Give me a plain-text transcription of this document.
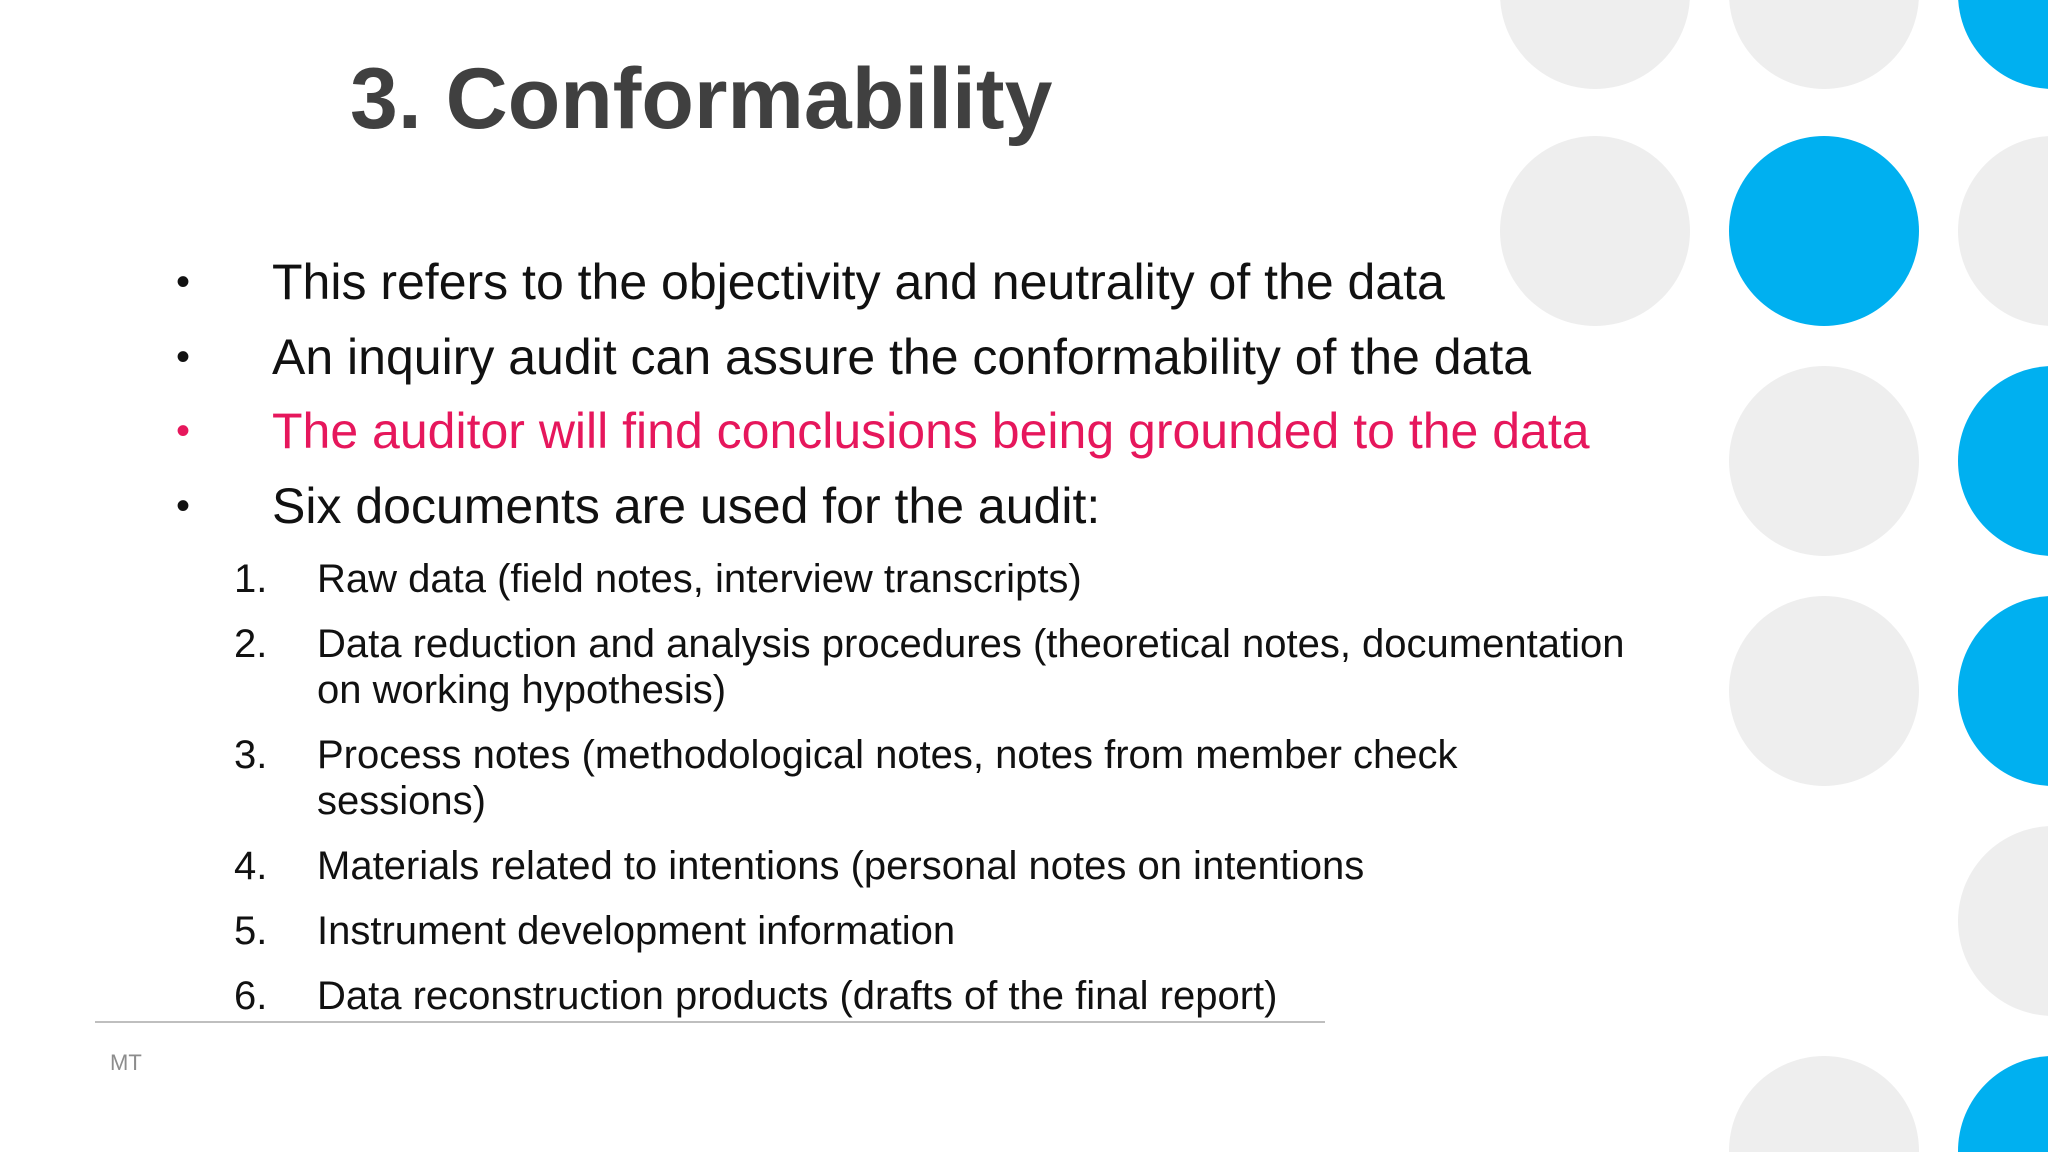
3. Conformability
• This refers to the objectivity and neutrality of the data
• An inquiry audit can assure the conformability of the data
• The auditor will find conclusions being grounded to the data
• Six documents are used for the audit:
1. Raw data (field notes, interview transcripts)
2. Data reduction and analysis procedures (theoretical notes, documentation on working hypothesis)
3. Process notes (methodological notes, notes from member check sessions)
4. Materials related to intentions (personal notes on intentions
5. Instrument development information
6. Data reconstruction products (drafts of the final report)
MT
